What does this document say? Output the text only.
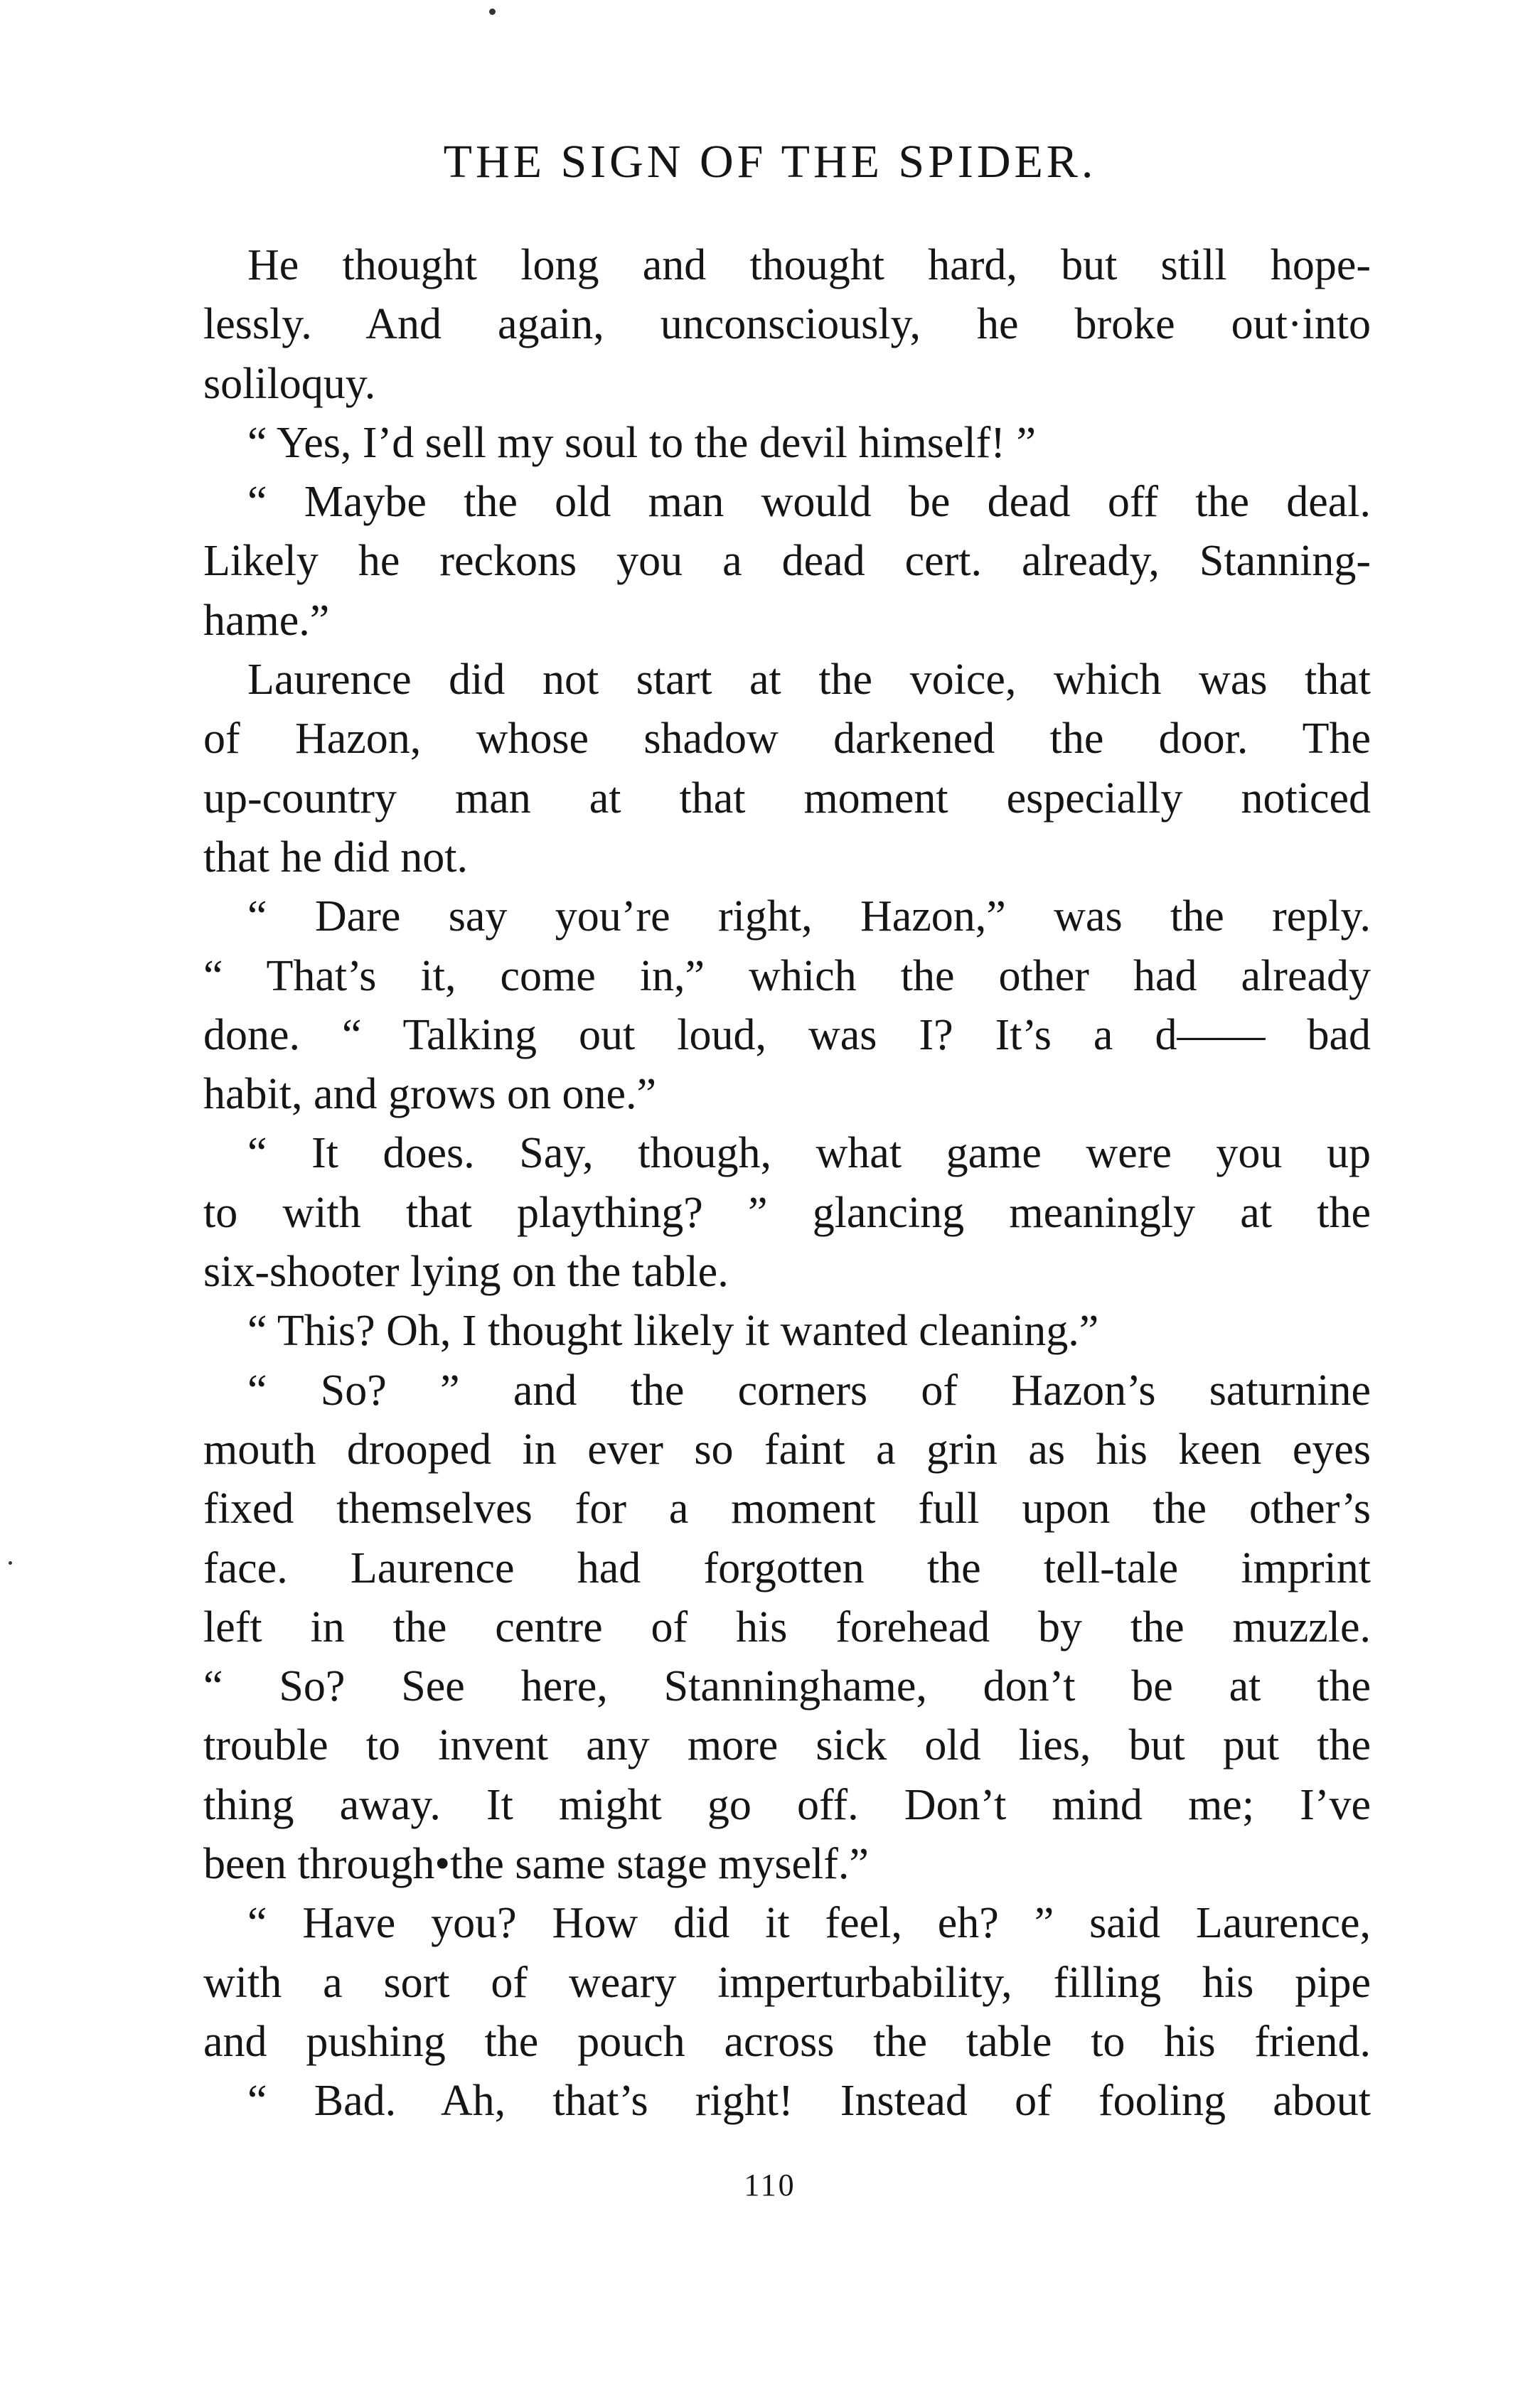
THE SIGN OF THE SPIDER.
He thought long and thought hard, but still hope-
lessly. And again, unconsciously, he broke out·into
soliloquy.
“ Yes, I’d sell my soul to the devil himself! ”
“ Maybe the old man would be dead off the deal.
Likely he reckons you a dead cert. already, Stanning-
hame.”
Laurence did not start at the voice, which was that
of Hazon, whose shadow darkened the door. The
up-country man at that moment especially noticed
that he did not.
“ Dare say you’re right, Hazon,” was the reply.
“ That’s it, come in,” which the other had already
done. “ Talking out loud, was I? It’s a d—— bad
habit, and grows on one.”
“ It does. Say, though, what game were you up
to with that plaything? ” glancing meaningly at the
six-shooter lying on the table.
“ This? Oh, I thought likely it wanted cleaning.”
“ So? ” and the corners of Hazon’s saturnine
mouth drooped in ever so faint a grin as his keen eyes
fixed themselves for a moment full upon the other’s
face. Laurence had forgotten the tell-tale imprint
left in the centre of his forehead by the muzzle.
“ So? See here, Stanninghame, don’t be at the
trouble to invent any more sick old lies, but put the
thing away. It might go off. Don’t mind me; I’ve
been through•the same stage myself.”
“ Have you? How did it feel, eh? ” said Laurence,
with a sort of weary imperturbability, filling his pipe
and pushing the pouch across the table to his friend.
“ Bad. Ah, that’s right! Instead of fooling about
110
